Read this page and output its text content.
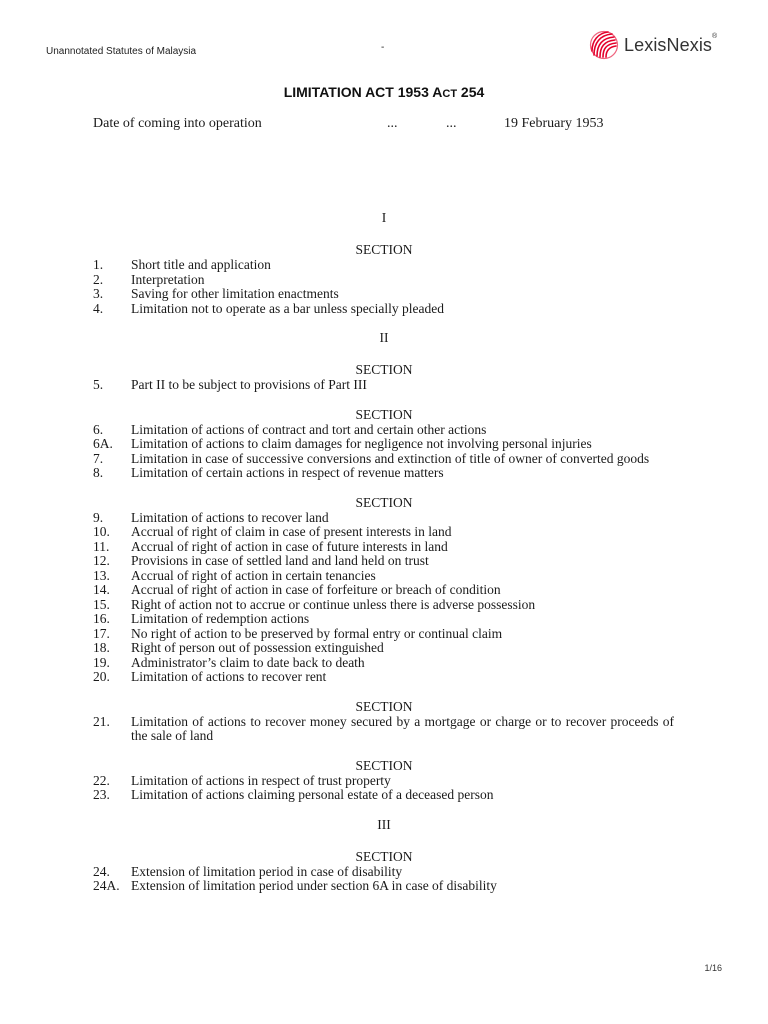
Unannotated Statutes of Malaysia	-	LexisNexis®
LIMITATION ACT 1953 ACT 254
Date of coming into operation	...	...	19 February 1953
I
SECTION
1. Short title and application
2. Interpretation
3. Saving for other limitation enactments
4. Limitation not to operate as a bar unless specially pleaded
II
SECTION
5. Part II to be subject to provisions of Part III
SECTION
6. Limitation of actions of contract and tort and certain other actions
6A. Limitation of actions to claim damages for negligence not involving personal injuries
7. Limitation in case of successive conversions and extinction of title of owner of converted goods
8. Limitation of certain actions in respect of revenue matters
SECTION
9. Limitation of actions to recover land
10. Accrual of right of claim in case of present interests in land
11. Accrual of right of action in case of future interests in land
12. Provisions in case of settled land and land held on trust
13. Accrual of right of action in certain tenancies
14. Accrual of right of action in case of forfeiture or breach of condition
15. Right of action not to accrue or continue unless there is adverse possession
16. Limitation of redemption actions
17. No right of action to be preserved by formal entry or continual claim
18. Right of person out of possession extinguished
19. Administrator’s claim to date back to death
20. Limitation of actions to recover rent
SECTION
21. Limitation of actions to recover money secured by a mortgage or charge or to recover proceeds of the sale of land
SECTION
22. Limitation of actions in respect of trust property
23. Limitation of actions claiming personal estate of a deceased person
III
SECTION
24. Extension of limitation period in case of disability
24A. Extension of limitation period under section 6A in case of disability
1/16
